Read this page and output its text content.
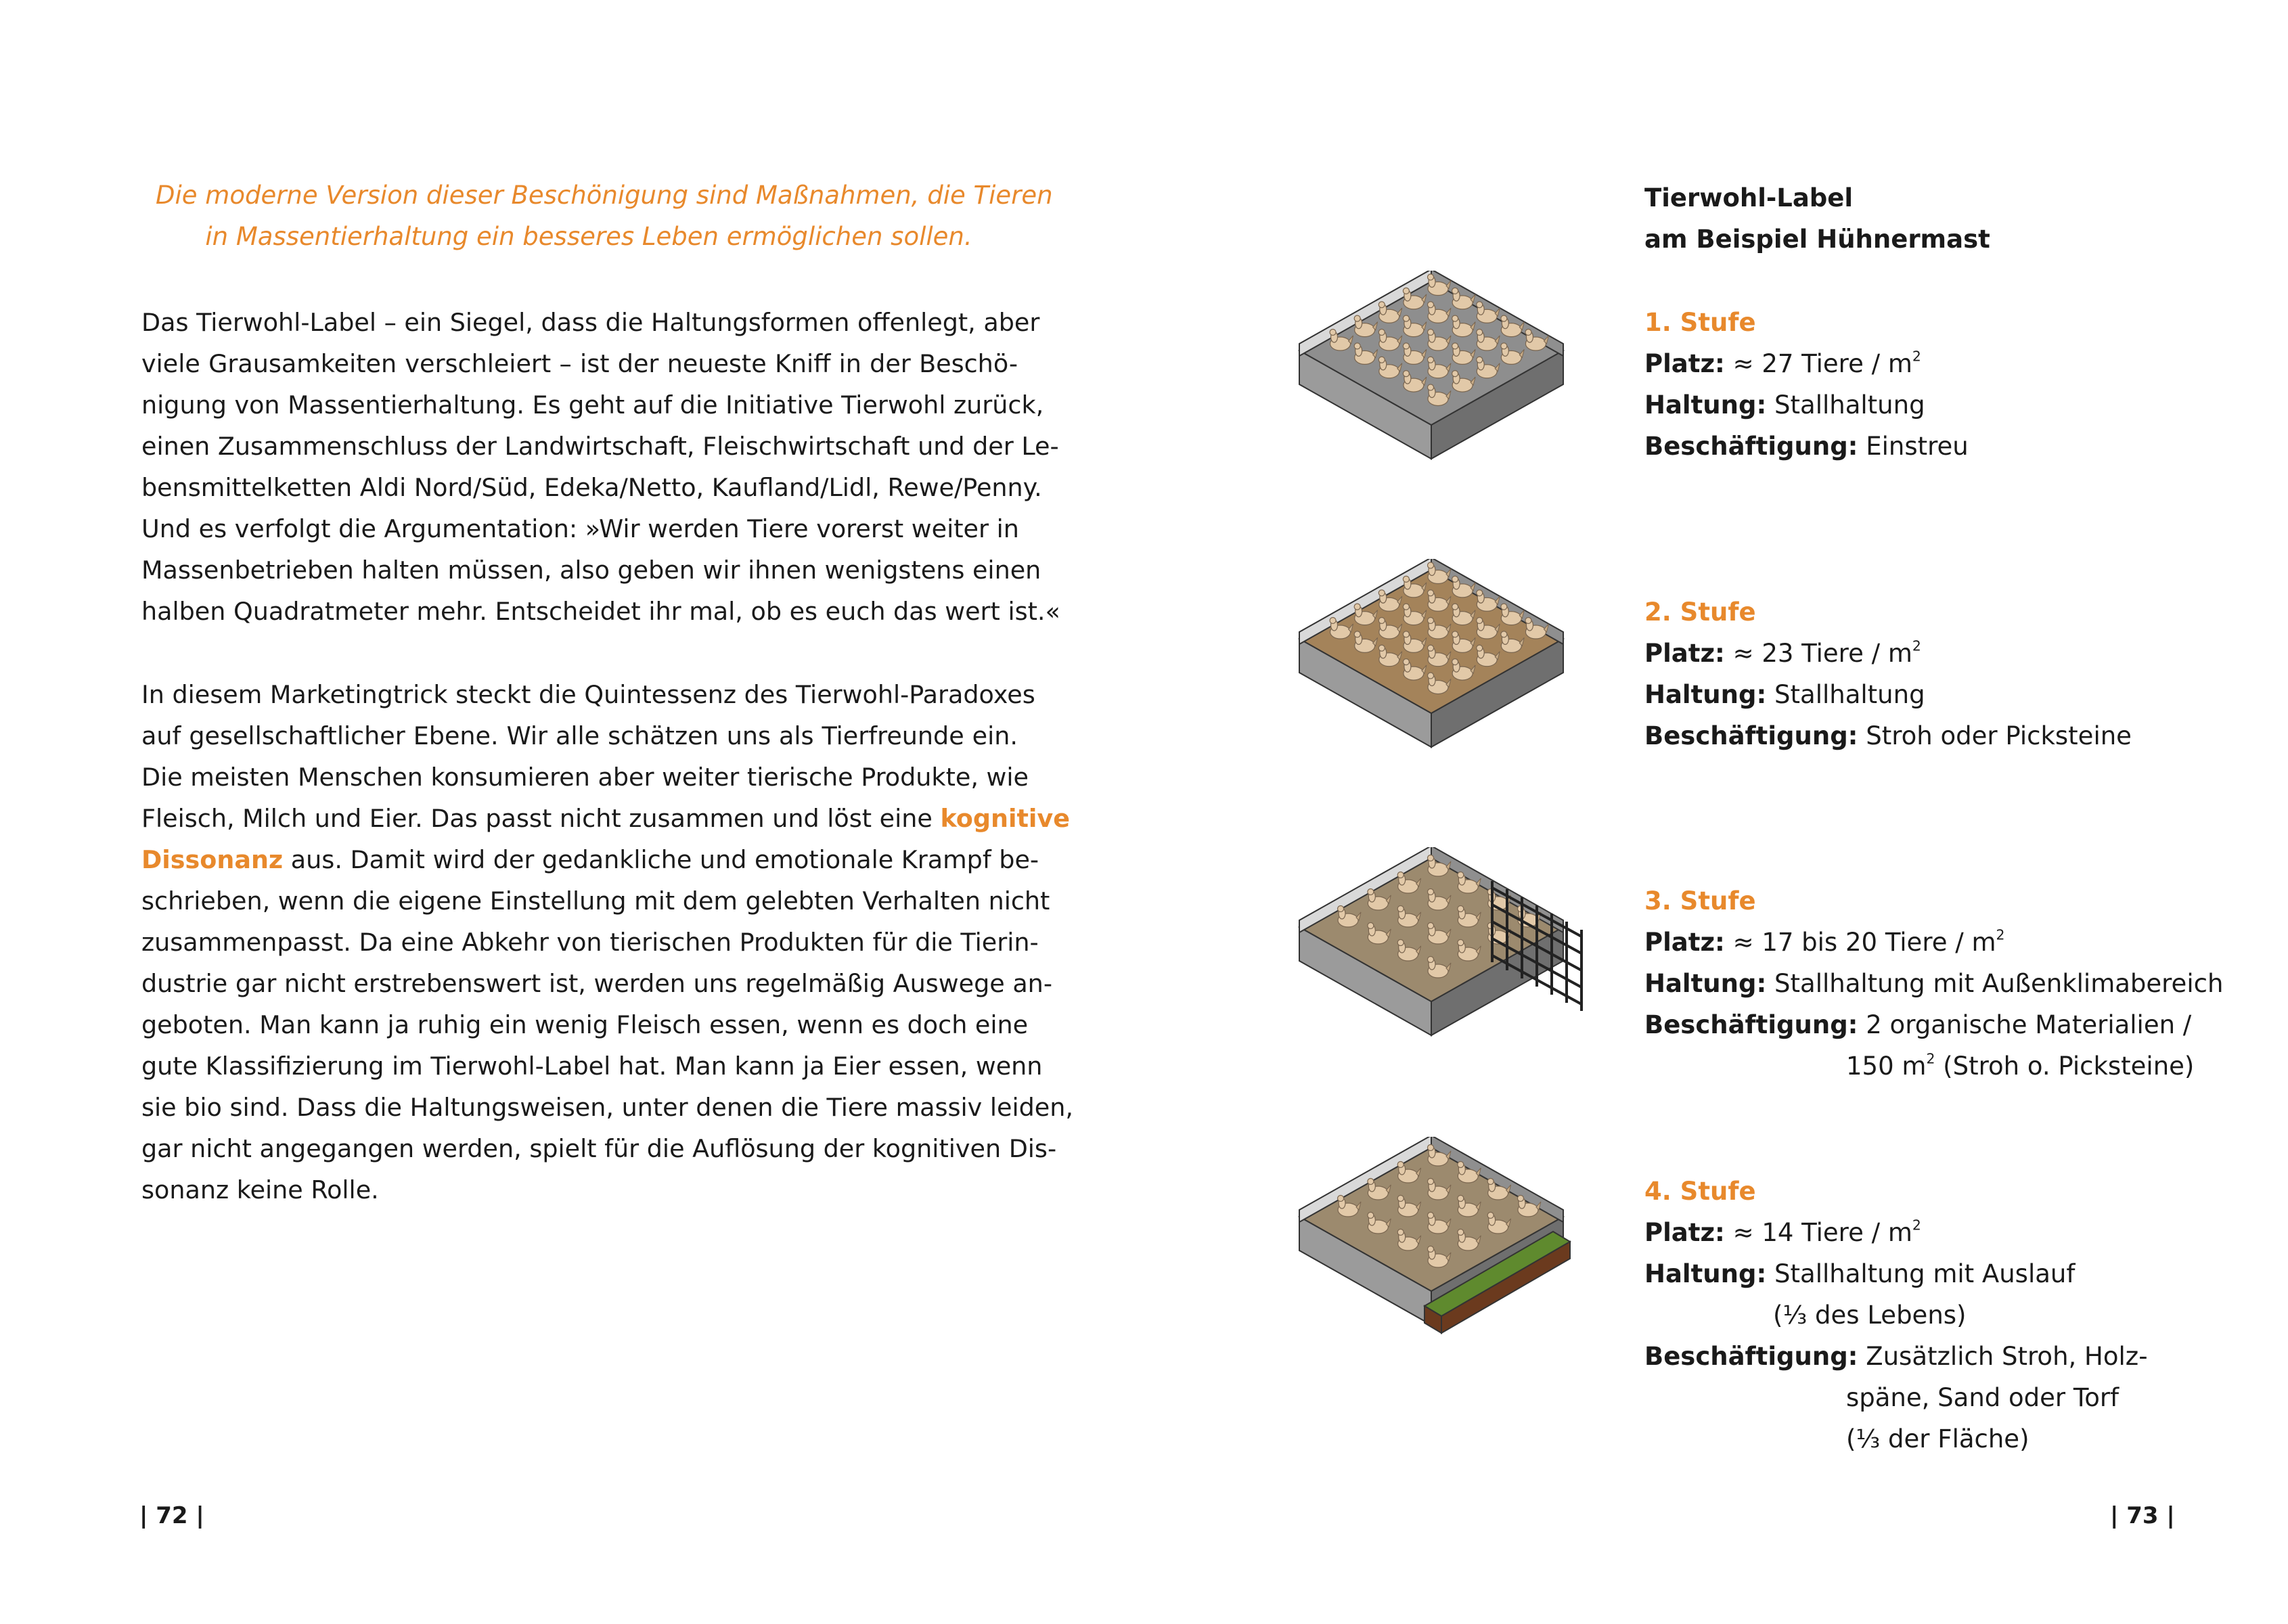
Die moderne Version dieser Beschönigung sind Maßnahmen, die Tieren
in Massentierhaltung ein besseres Leben ermöglichen sollen.
Das Tierwohl-Label – ein Siegel, dass die Haltungsformen offenlegt, aber
viele Grausamkeiten verschleiert – ist der neueste Kniff in der Beschö-
nigung von Massentierhaltung. Es geht auf die Initiative Tierwohl zurück,
einen Zusammenschluss der Landwirtschaft, Fleischwirtschaft und der Le-
bensmittelketten Aldi Nord/Süd, Edeka/Netto, Kaufland/Lidl, Rewe/Penny.
Und es verfolgt die Argumentation: »Wir werden Tiere vorerst weiter in
Massenbetrieben halten müssen, also geben wir ihnen wenigstens einen
halben Quadratmeter mehr. Entscheidet ihr mal, ob es euch das wert ist.«
In diesem Marketingtrick steckt die Quintessenz des Tierwohl-Paradoxes
auf gesellschaftlicher Ebene. Wir alle schätzen uns als Tierfreunde ein.
Die meisten Menschen konsumieren aber weiter tierische Produkte, wie
Fleisch, Milch und Eier. Das passt nicht zusammen und löst eine kognitive
Dissonanz aus. Damit wird der gedankliche und emotionale Krampf be-
schrieben, wenn die eigene Einstellung mit dem gelebten Verhalten nicht
zusammenpasst. Da eine Abkehr von tierischen Produkten für die Tierin-
dustrie gar nicht erstrebenswert ist, werden uns regelmäßig Auswege an-
geboten. Man kann ja ruhig ein wenig Fleisch essen, wenn es doch eine
gute Klassifizierung im Tierwohl-Label hat. Man kann ja Eier essen, wenn
sie bio sind. Dass die Haltungsweisen, unter denen die Tiere massiv leiden,
gar nicht angegangen werden, spielt für die Auflösung der kognitiven Dis-
sonanz keine Rolle.
| 72 |
Tierwohl-Label
am Beispiel Hühnermast
1. Stufe
Platz: ≈ 27 Tiere / $m^2$
Haltung: Stallhaltung
Beschäftigung: Einstreu
2. Stufe
Platz: ≈ 23 Tiere / $m^2$
Haltung: Stallhaltung
Beschäftigung: Stroh oder Picksteine
3. Stufe
Platz: ≈ 17 bis 20 Tiere / $m^2$
Haltung: Stallhaltung mit Außenklimabereich
Beschäftigung: 2 organische Materialien /
150 $m^2$ (Stroh o. Picksteine)
4. Stufe
Platz: ≈ 14 Tiere / $m^2$
Haltung: Stallhaltung mit Auslauf
(⅓ des Lebens)
Beschäftigung: Zusätzlich Stroh, Holz-
späne, Sand oder Torf
(⅓ der Fläche)
| 73 |
